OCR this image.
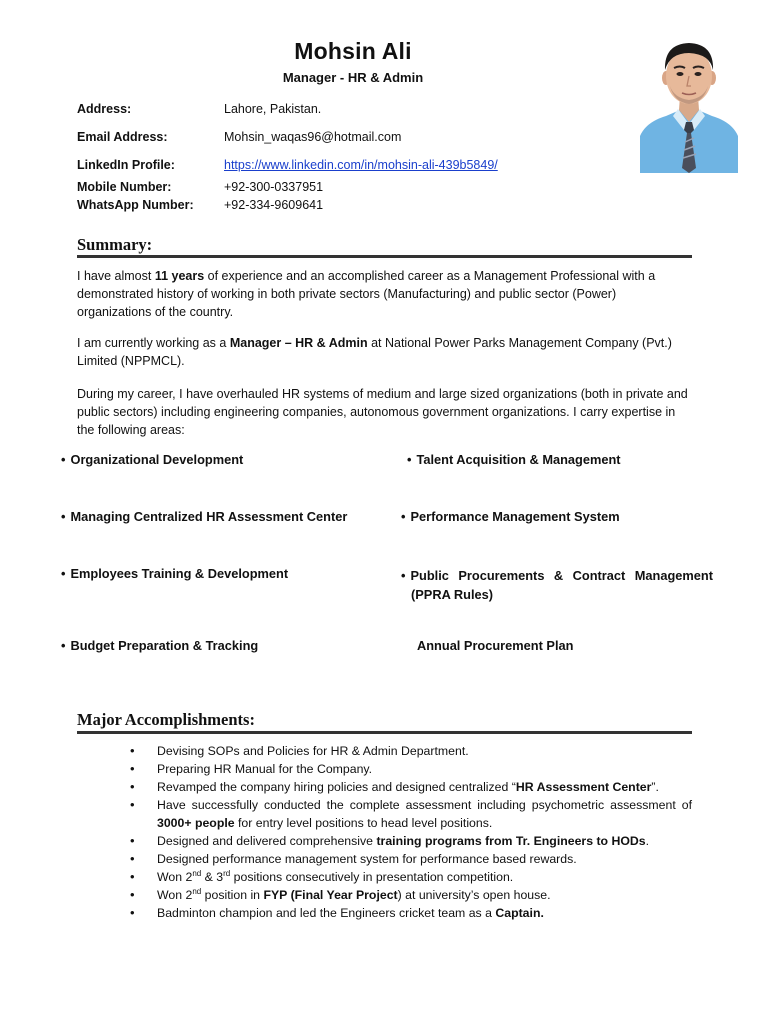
Mohsin Ali
Manager - HR & Admin
Address:	Lahore, Pakistan.
Email Address:	Mohsin_waqas96@hotmail.com
LinkedIn Profile:	https://www.linkedin.com/in/mohsin-ali-439b5849/
Mobile Number:	+92-300-0337951
WhatsApp Number:	+92-334-9609641
Summary:
I have almost 11 years of experience and an accomplished career as a Management Professional with a demonstrated history of working in both private sectors (Manufacturing) and public sector (Power) organizations of the country.
I am currently working as a Manager – HR & Admin at National Power Parks Management Company (Pvt.) Limited (NPPMCL).
During my career, I have overhauled HR systems of medium and large sized organizations (both in private and public sectors) including engineering companies, autonomous government organizations. I carry expertise in the following areas:
• Organizational Development	• Talent Acquisition & Management
• Managing Centralized HR Assessment Center	• Performance Management System
• Employees Training & Development	• Public Procurements & Contract Management (PPRA Rules)
• Budget Preparation & Tracking	Annual Procurement Plan
Major Accomplishments:
• Devising SOPs and Policies for HR & Admin Department.
• Preparing HR Manual for the Company.
• Revamped the company hiring policies and designed centralized “HR Assessment Center”.
• Have successfully conducted the complete assessment including psychometric assessment of 3000+ people for entry level positions to head level positions.
• Designed and delivered comprehensive training programs from Tr. Engineers to HODs.
• Designed performance management system for performance based rewards.
• Won 2nd & 3rd positions consecutively in presentation competition.
• Won 2nd position in FYP (Final Year Project) at university’s open house.
• Badminton champion and led the Engineers cricket team as a Captain.
